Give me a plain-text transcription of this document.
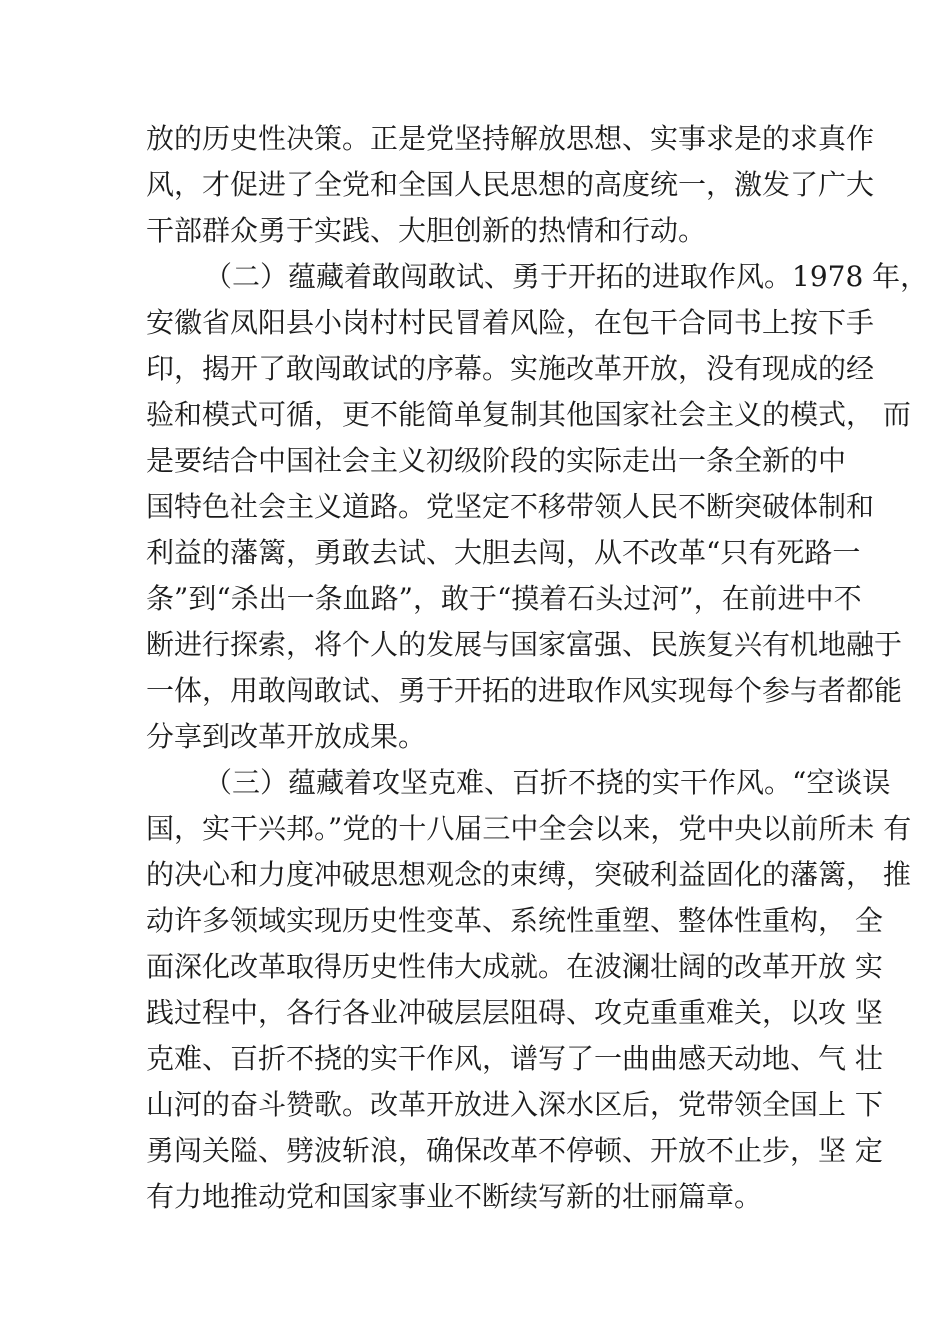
放的历史性决策。正是党坚持解放思想、实事求是的求真作
风，才促进了全党和全国人民思想的高度统一，激发了广大
干部群众勇于实践、大胆创新的热情和行动。
（二）蕴藏着敢闯敢试、勇于开拓的进取作风。1978 年，
安徽省凤阳县小岗村村民冒着风险，在包干合同书上按下手
印，揭开了敢闯敢试的序幕。实施改革开放，没有现成的经
验和模式可循，更不能简单复制其他国家社会主义的模式， 而
是要结合中国社会主义初级阶段的实际走出一条全新的中
国特色社会主义道路。党坚定不移带领人民不断突破体制和
利益的藩篱，勇敢去试、大胆去闯，从不改革“只有死路一
条”到“杀出一条血路”，敢于“摸着石头过河”，在前进中不
断进行探索，将个人的发展与国家富强、民族复兴有机地融于
一体，用敢闯敢试、勇于开拓的进取作风实现每个参与者都能
分享到改革开放成果。
（三）蕴藏着攻坚克难、百折不挠的实干作风。“空谈误
国，实干兴邦。”党的十八届三中全会以来，党中央以前所未 有
的决心和力度冲破思想观念的束缚，突破利益固化的藩篱， 推
动许多领域实现历史性变革、系统性重塑、整体性重构， 全
面深化改革取得历史性伟大成就。在波澜壮阔的改革开放 实
践过程中，各行各业冲破层层阻碍、攻克重重难关，以攻 坚
克难、百折不挠的实干作风，谱写了一曲曲感天动地、气 壮
山河的奋斗赞歌。改革开放进入深水区后，党带领全国上 下
勇闯关隘、劈波斩浪，确保改革不停顿、开放不止步，坚 定
有力地推动党和国家事业不断续写新的壮丽篇章。
